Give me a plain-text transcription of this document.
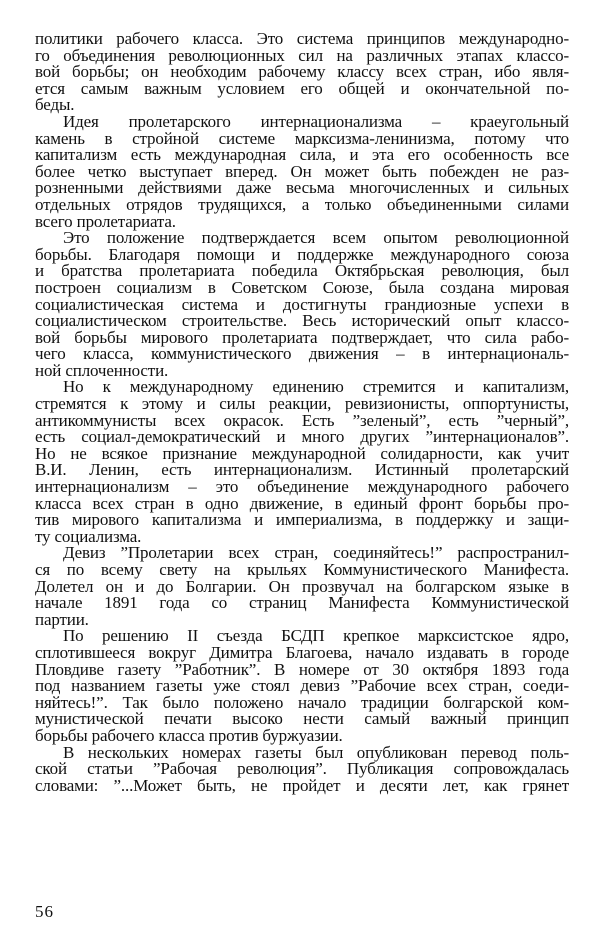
политики рабочего класса. Это система принципов международно-
го объединения революционных сил на различных этапах классо-
вой борьбы; он необходим рабочему классу всех стран, ибо явля-
ется самым важным условием его общей и окончательной по-
беды.
Идея пролетарского интернационализма – краеугольный
камень в стройной системе марксизма-ленинизма, потому что
капитализм есть международная сила, и эта его особенность все
более четко выступает вперед. Он может быть побежден не раз-
розненными действиями даже весьма многочисленных и сильных
отдельных отрядов трудящихся, а только объединенными силами
всего пролетариата.
Это положение подтверждается всем опытом революционной
борьбы. Благодаря помощи и поддержке международного союза
и братства пролетариата победила Октябрьская революция, был
построен социализм в Советском Союзе, была создана мировая
социалистическая система и достигнуты грандиозные успехи в
социалистическом строительстве. Весь исторический опыт классо-
вой борьбы мирового пролетариата подтверждает, что сила рабо-
чего класса, коммунистического движения – в интернациональ-
ной сплоченности.
Но к международному единению стремится и капитализм,
стремятся к этому и силы реакции, ревизионисты, оппортунисты,
антикоммунисты всех окрасок. Есть ”зеленый”, есть ”черный”,
есть социал-демократический и много других ”интернационалов”.
Но не всякое признание международной солидарности, как учит
В.И. Ленин, есть интернационализм. Истинный пролетарский
интернационализм – это объединение международного рабочего
класса всех стран в одно движение, в единый фронт борьбы про-
тив мирового капитализма и империализма, в поддержку и защи-
ту социализма.
Девиз ”Пролетарии всех стран, соединяйтесь!” распространил-
ся по всему свету на крыльях Коммунистического Манифеста.
Долетел он и до Болгарии. Он прозвучал на болгарском языке в
начале 1891 года со страниц Манифеста Коммунистической
партии.
По решению II съезда БСДП крепкое марксистское ядро,
сплотившееся вокруг Димитра Благоева, начало издавать в городе
Пловдиве газету ”Работник”. В номере от 30 октября 1893 года
под названием газеты уже стоял девиз ”Рабочие всех стран, соеди-
няйтесь!”. Так было положено начало традиции болгарской ком-
мунистической печати высоко нести самый важный принцип
борьбы рабочего класса против буржуазии.
В нескольких номерах газеты был опубликован перевод поль-
ской статьи ”Рабочая революция”. Публикация сопровождалась
словами: ”...Может быть, не пройдет и десяти лет, как грянет
56
